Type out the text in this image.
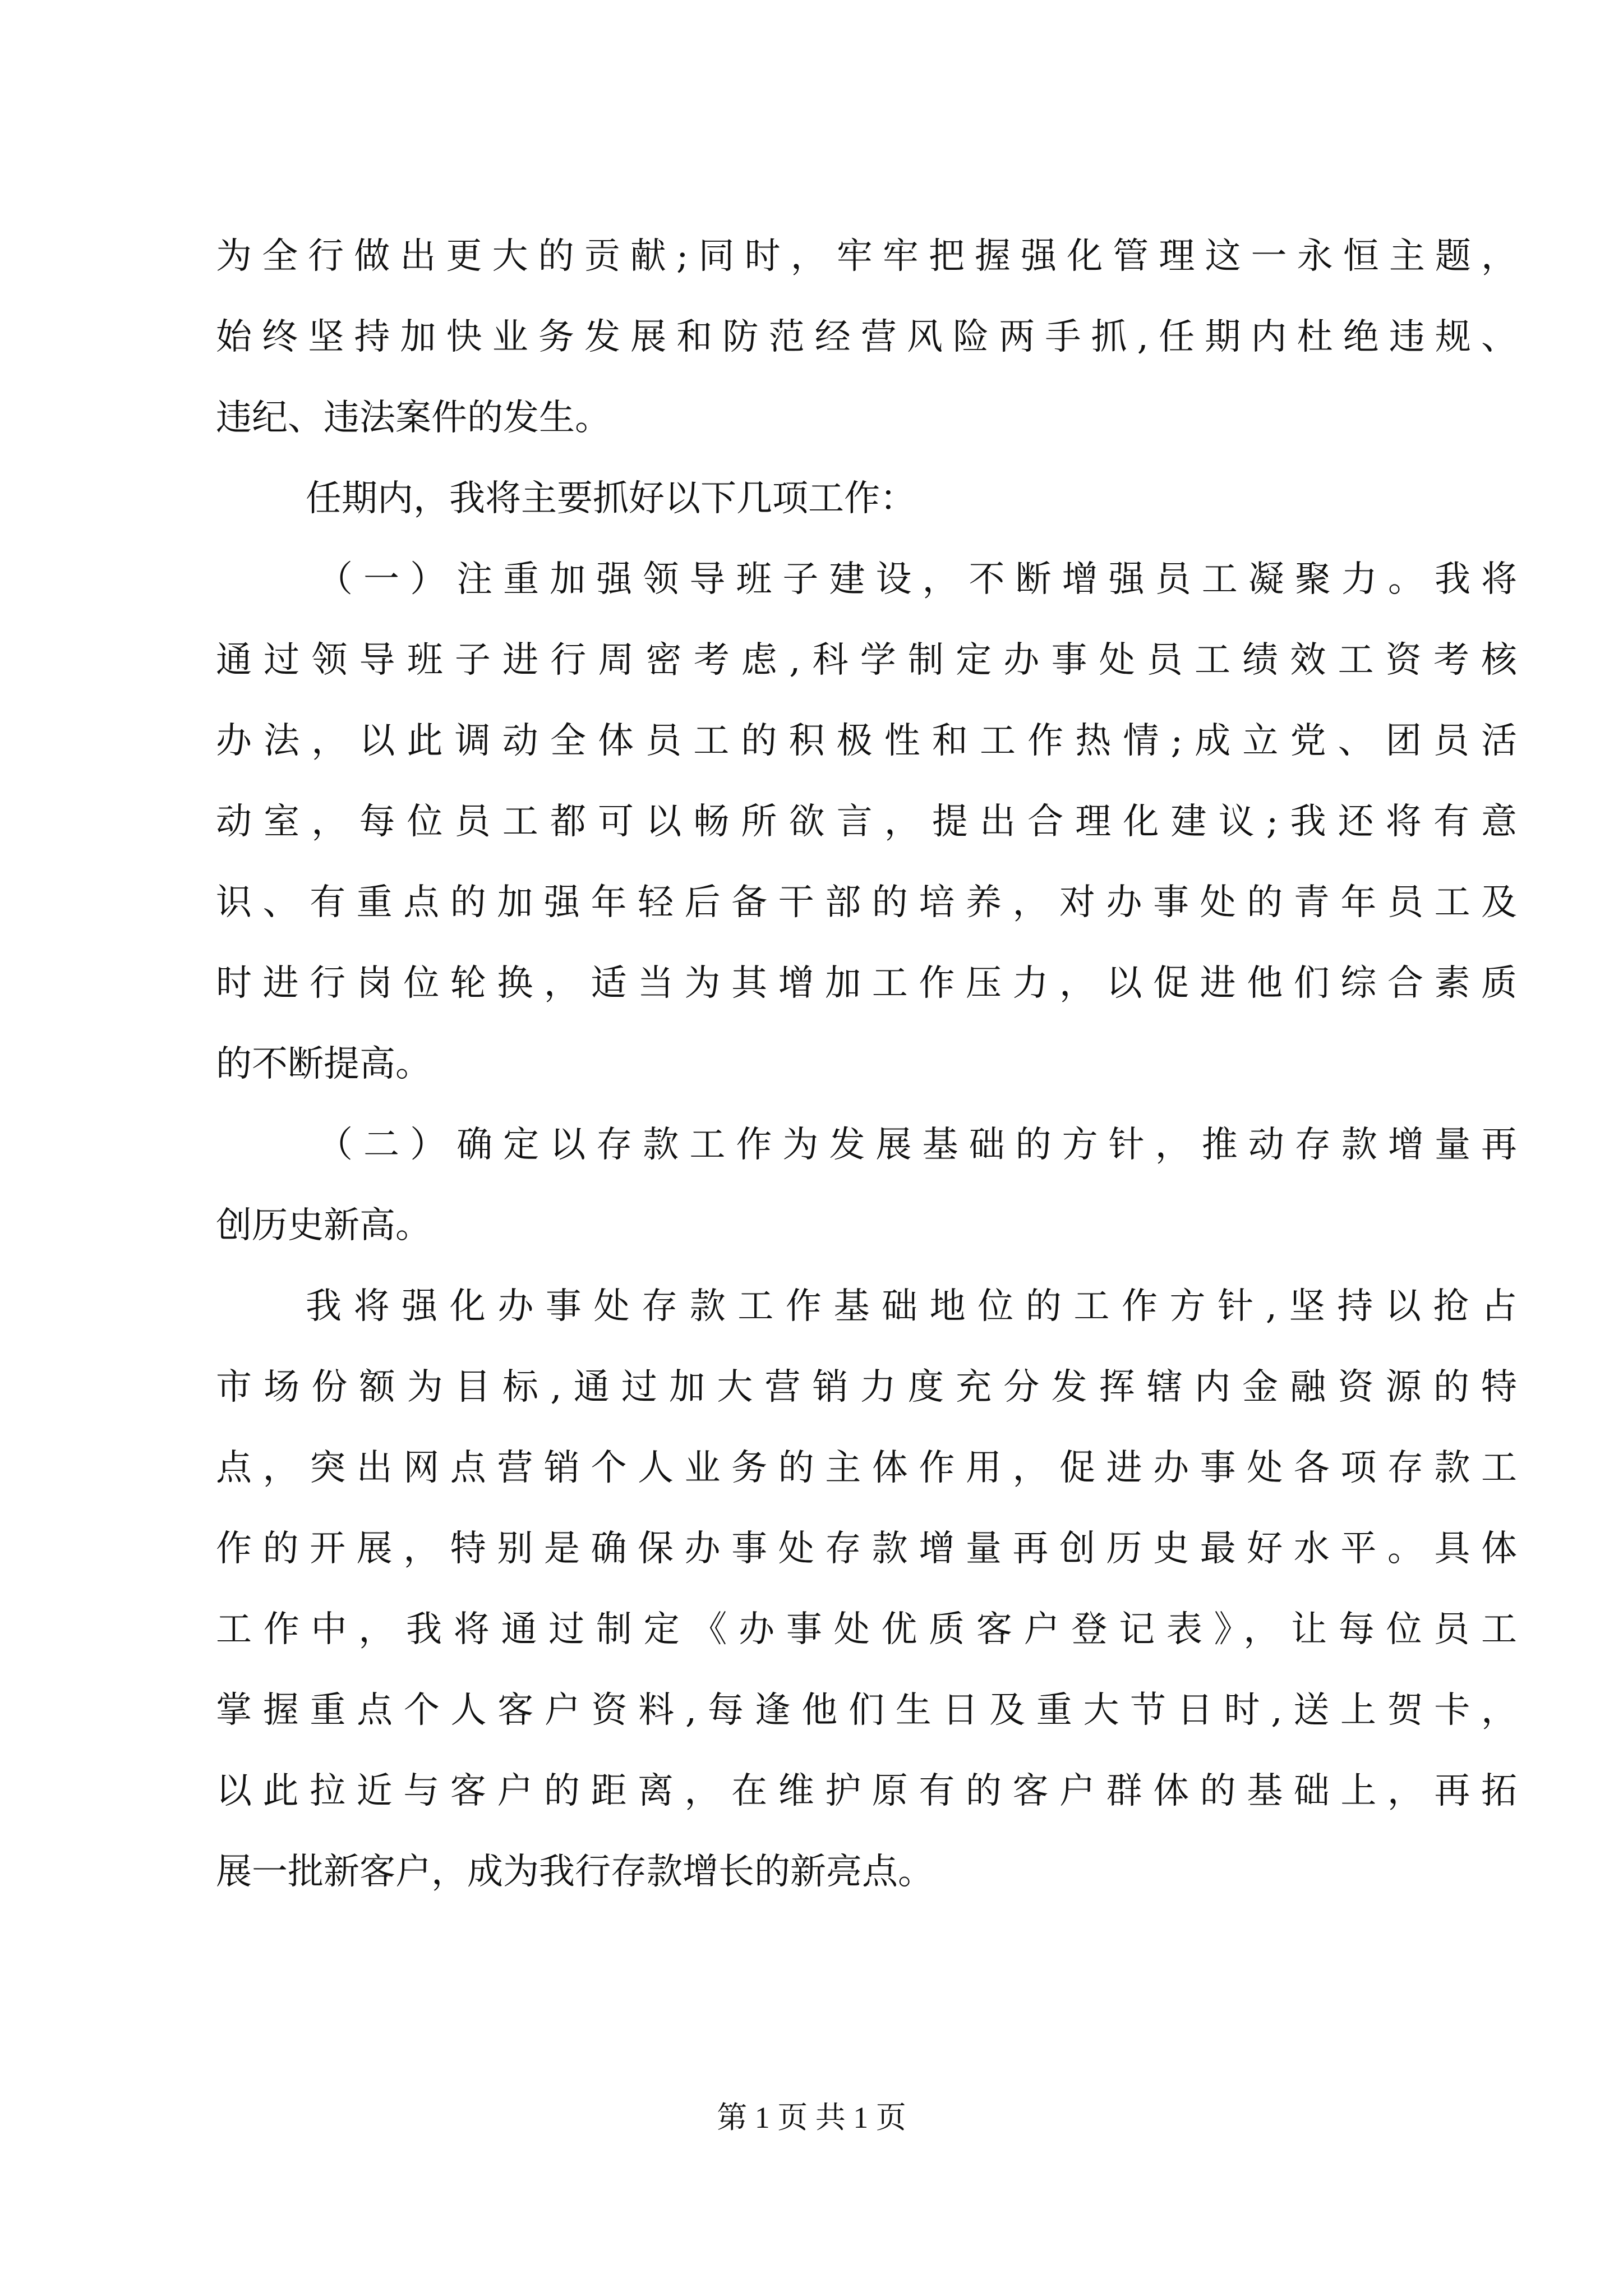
为全行做出更大的贡献;同时，牢牢把握强化管理这一永恒主题，
始终坚持加快业务发展和防范经营风险两手抓,任期内杜绝违规、
违纪、违法案件的发生。
任期内，我将主要抓好以下几项工作：
（一）注重加强领导班子建设，不断增强员工凝聚力。我将
通过领导班子进行周密考虑,科学制定办事处员工绩效工资考核
办法，以此调动全体员工的积极性和工作热情;成立党、团员活
动室，每位员工都可以畅所欲言，提出合理化建议;我还将有意
识、有重点的加强年轻后备干部的培养，对办事处的青年员工及
时进行岗位轮换，适当为其增加工作压力，以促进他们综合素质
的不断提高。
（二）确定以存款工作为发展基础的方针，推动存款增量再
创历史新高。
我将强化办事处存款工作基础地位的工作方针,坚持以抢占
市场份额为目标,通过加大营销力度充分发挥辖内金融资源的特
点，突出网点营销个人业务的主体作用，促进办事处各项存款工
作的开展，特别是确保办事处存款增量再创历史最好水平。具体
工作中，我将通过制定《办事处优质客户登记表》，让每位员工
掌握重点个人客户资料,每逢他们生日及重大节日时,送上贺卡，
以此拉近与客户的距离，在维护原有的客户群体的基础上，再拓
展一批新客户，成为我行存款增长的新亮点。
第 1 页 共 1 页
